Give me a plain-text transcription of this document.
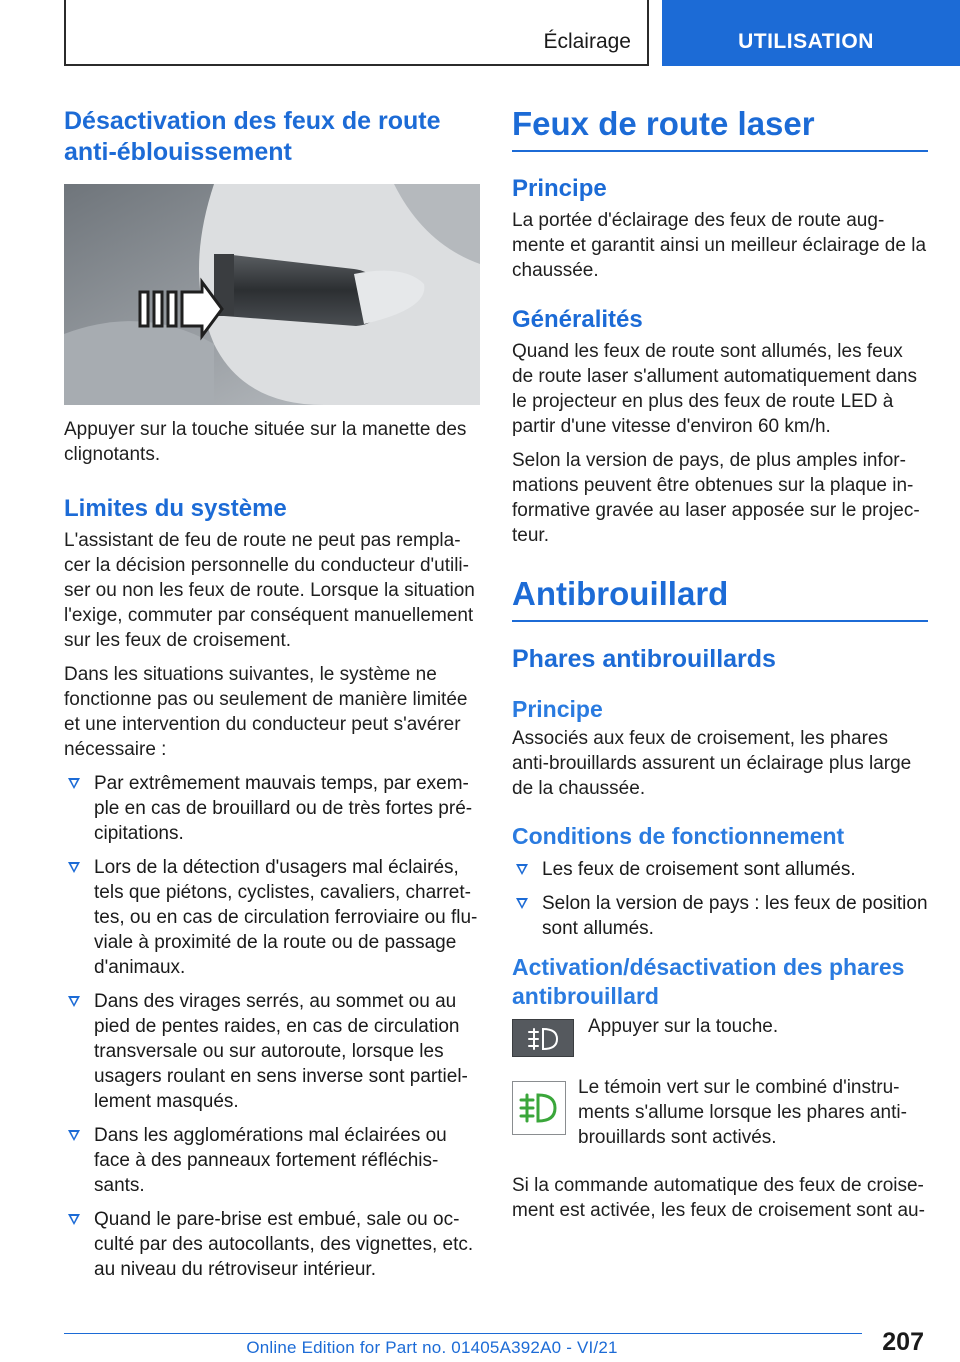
Éclairage	UTILISATION
Désactivation des feux de route anti-éblouissement

Appuyer sur la touche située sur la manette des clignotants.

Limites du système

L'assistant de feu de route ne peut pas rempla‐cer la décision personnelle du conducteur d'utili‐ser ou non les feux de route. Lorsque la situation l'exige, commuter par conséquent manuellement sur les feux de croisement.

Dans les situations suivantes, le système ne fonctionne pas ou seulement de manière limitée et une intervention du conducteur peut s'avérer nécessaire :

Par extrêmement mauvais temps, par exem‐ple en cas de brouillard ou de très fortes pré‐cipitations.
Lors de la détection d'usagers mal éclairés, tels que piétons, cyclistes, cavaliers, charret‐tes, ou en cas de circulation ferroviaire ou flu‐viale à proximité de la route ou de passage d'animaux.
Dans des virages serrés, au sommet ou au pied de pentes raides, en cas de circulation transversale ou sur autoroute, lorsque les usagers roulant en sens inverse sont partiel‐lement masqués.
Dans les agglomérations mal éclairées ou face à des panneaux fortement réfléchis‐sants.
Quand le pare-brise est embué, sale ou oc‐culté par des autocollants, des vignettes, etc. au niveau du rétroviseur intérieur.
Feux de route laser
Principe

La portée d'éclairage des feux de route aug‐mente et garantit ainsi un meilleur éclairage de la chaussée.

Généralités

Quand les feux de route sont allumés, les feux de route laser s'allument automatiquement dans le projecteur en plus des feux de route LED à partir d'une vitesse d'environ 60 km/h.

Selon la version de pays, de plus amples infor‐mations peuvent être obtenues sur la plaque in‐formative gravée au laser apposée sur le projec‐teur.

Antibrouillard
Phares antibrouillards
Principe

Associés aux feux de croisement, les phares anti‐brouillards assurent un éclairage plus large de la chaussée.

Conditions de fonctionnement
Les feux de croisement sont allumés.
Selon la version de pays : les feux de position sont allumés.
Activation/désactivation des phares antibrouillard

Appuyer sur la touche.

Le témoin vert sur le combiné d'instru‐ments s'allume lorsque les phares anti‐brouillards sont activés.

Si la commande automatique des feux de croise‐ment est activée, les feux de croisement sont au‐

207
Online Edition for Part no. 01405A392A0 - VI/21
